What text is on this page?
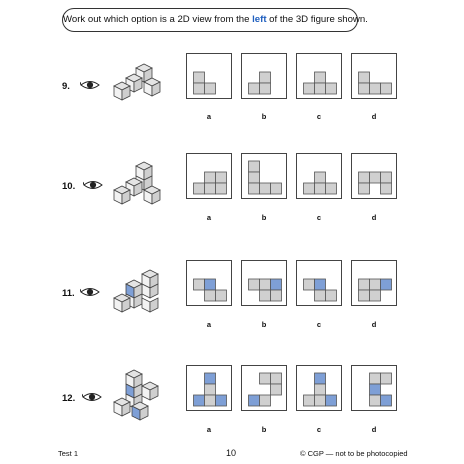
Work out which option is a 2D view from the left of the 3D figure shown.
9.
a	b	c	d
10.
a	b	c	d
11.
a	b	c	d
12.
a	b	c	d
Test 1	10	© CGP — not to be photocopied
